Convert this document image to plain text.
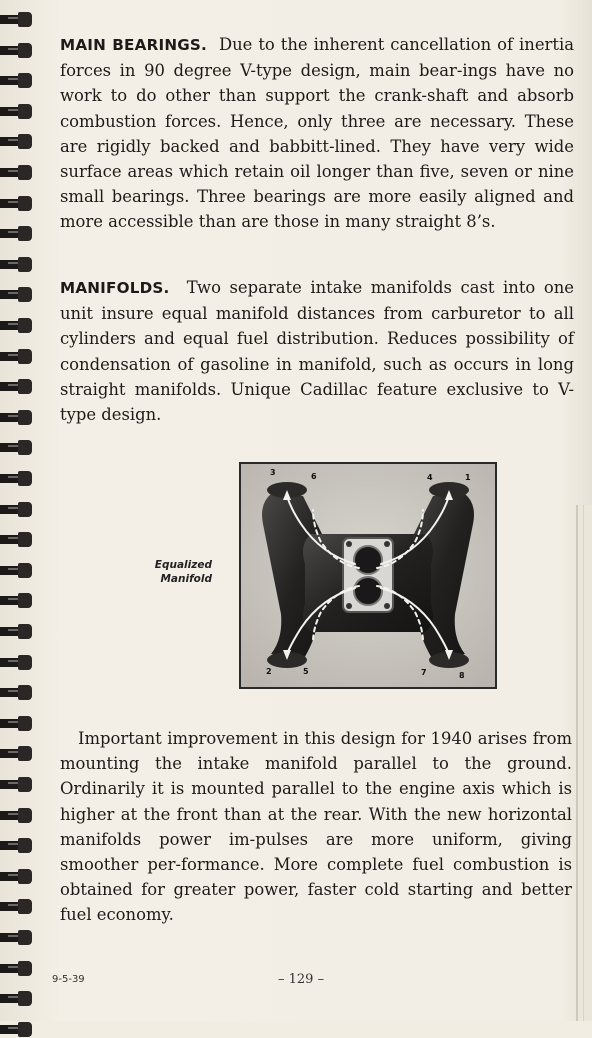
MAIN BEARINGS. Due to the inherent cancellation of inertia forces in 90 degree V-type design, main bear-ings have no work to do other than support the crank-shaft and absorb combustion forces. Hence, only three are necessary. These are rigidly backed and babbitt-lined. They have very wide surface areas which retain oil longer than five, seven or nine small bearings. Three bearings are more easily aligned and more accessible than are those in many straight 8’s.

MANIFOLDS. Two separate intake manifolds cast into one unit insure equal manifold distances from carburetor to all cylinders and equal fuel distribution. Reduces possibility of condensation of gasoline in manifold, such as occurs in long straight manifolds. Unique Cadillac feature exclusive to V-type design.

Equalized
Manifold
3	6	4	1
2	5	7	8

Important improvement in this design for 1940 arises from mounting the intake manifold parallel to the ground. Ordinarily it is mounted parallel to the engine axis which is higher at the front than at the rear. With the new horizontal manifolds power im-pulses are more uniform, giving smoother per-formance. More complete fuel combustion is obtained for greater power, faster cold starting and better fuel economy.

9-5-39	– 129 –
